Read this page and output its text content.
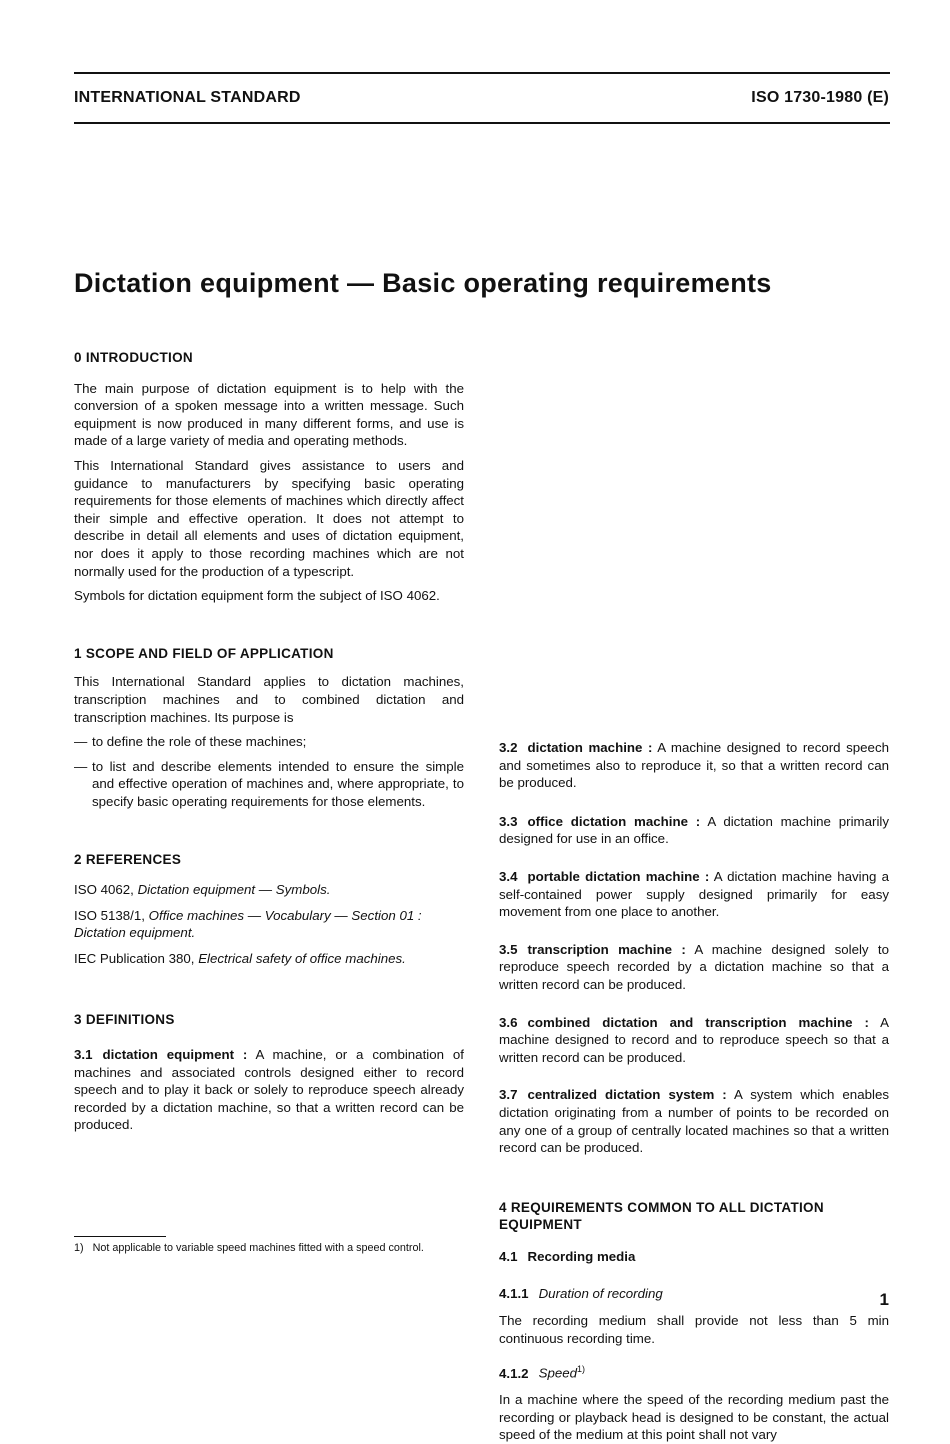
INTERNATIONAL STANDARD	ISO 1730-1980 (E)
Dictation equipment — Basic operating requirements
0 INTRODUCTION

The main purpose of dictation equipment is to help with the conversion of a spoken message into a written message. Such equipment is now produced in many different forms, and use is made of a large variety of media and operating methods.

This International Standard gives assistance to users and guidance to manufacturers by specifying basic operating requirements for those elements of machines which directly affect their simple and effective operation. It does not attempt to describe in detail all elements and uses of dictation equipment, nor does it apply to those recording machines which are not normally used for the production of a typescript.

Symbols for dictation equipment form the subject of ISO 4062.

1 SCOPE AND FIELD OF APPLICATION

This International Standard applies to dictation machines, transcription machines and to combined dictation and transcription machines. Its purpose is

— to define the role of these machines;

— to list and describe elements intended to ensure the simple and effective operation of machines and, where appropriate, to specify basic operating requirements for those elements.

2 REFERENCES

ISO 4062, Dictation equipment — Symbols.

ISO 5138/1, Office machines — Vocabulary — Section 01 : Dictation equipment.

IEC Publication 380, Electrical safety of office machines.

3 DEFINITIONS

3.1 dictation equipment : A machine, or a combination of machines and associated controls designed either to record speech and to play it back or solely to reproduce speech already recorded by a dictation machine, so that a written record can be produced.

3.2 dictation machine : A machine designed to record speech and sometimes also to reproduce it, so that a written record can be produced.

3.3 office dictation machine : A dictation machine primarily designed for use in an office.

3.4 portable dictation machine : A dictation machine having a self-contained power supply designed primarily for easy movement from one place to another.

3.5 transcription machine : A machine designed solely to reproduce speech recorded by a dictation machine so that a written record can be produced.

3.6 combined dictation and transcription machine : A machine designed to record and to reproduce speech so that a written record can be produced.

3.7 centralized dictation system : A system which enables dictation originating from a number of points to be recorded on any one of a group of centrally located machines so that a written record can be produced.

4 REQUIREMENTS COMMON TO ALL DICTATION EQUIPMENT

4.1 Recording media

4.1.1 Duration of recording

The recording medium shall provide not less than 5 min continuous recording time.

4.1.2 Speed$^{1)}$

In a machine where the speed of the recording medium past the recording or playback head is designed to be constant, the actual speed of the medium at this point shall not vary

1) Not applicable to variable speed machines fitted with a speed control.
1
